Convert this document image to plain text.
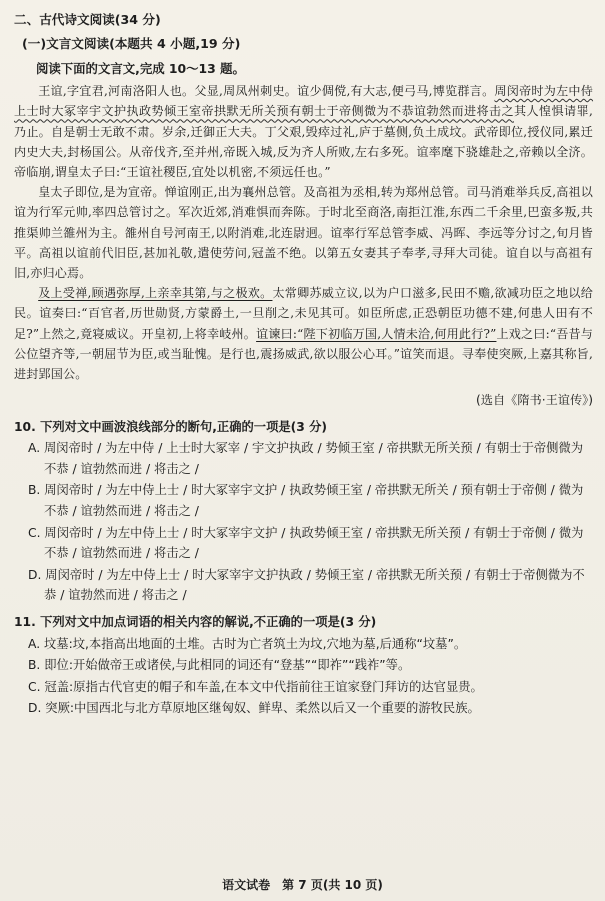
二、古代诗文阅读(34 分)

(一)文言文阅读(本题共 4 小题,19 分)

阅读下面的文言文,完成 10～13 题。

王谊,字宜君,河南洛阳人也。父显,周凤州刺史。谊少倜傥,有大志,便弓马,博览群言。周闵帝时为左中侍上士时大冢宰宇文护执政势倾王室帝拱默无所关预有朝士于帝侧微为不恭谊勃然而进将击之其人惶惧请罪,乃止。自是朝士无敢不肃。岁余,迁御正大夫。丁父艰,毁瘁过礼,庐于墓侧,负土成坟。武帝即位,授仪同,累迁内史大夫,封杨国公。从帝伐齐,至并州,帝既入城,反为齐人所败,左右多死。谊率麾下骁雄赴之,帝赖以全济。帝临崩,谓皇太子曰:“王谊社稷臣,宜处以机密,不须远任也。”

皇太子即位,是为宣帝。惮谊刚正,出为襄州总管。及高祖为丞相,转为郑州总管。司马消难举兵反,高祖以谊为行军元帅,率四总管讨之。军次近郊,消难惧而奔陈。于时北至商洛,南拒江淮,东西二千余里,巴蛮多叛,共推渠帅兰雒州为主。雒州自号河南王,以附消难,北连尉迥。谊率行军总管李威、冯晖、李远等分讨之,旬月皆平。高祖以谊前代旧臣,甚加礼敬,遣使劳问,冠盖不绝。以第五女妻其子奉孝,寻拜大司徒。谊自以与高祖有旧,亦归心焉。

及上受禅,顾遇弥厚,上亲幸其第,与之极欢。太常卿苏威立议,以为户口滋多,民田不赡,欲减功臣之地以给民。谊奏曰:“百官者,历世勋贤,方蒙爵土,一旦削之,未见其可。如臣所虑,正恐朝臣功德不建,何患人田有不足?”上然之,竟寝威议。开皇初,上将幸岐州。谊谏曰:“陛下初临万国,人情未洽,何用此行?”上戏之曰:“吾昔与公位望齐等,一朝屈节为臣,或当耻愧。是行也,震扬威武,欲以服公心耳。”谊笑而退。寻奉使突厥,上嘉其称旨,进封郢国公。

(选自《隋书·王谊传》)

10. 下列对文中画波浪线部分的断句,正确的一项是(3 分)
A. 周闵帝时 / 为左中侍 / 上士时大冢宰 / 宇文护执政 / 势倾王室 / 帝拱默无所关预 / 有朝士于帝侧微为不恭 / 谊勃然而进 / 将击之 /
B. 周闵帝时 / 为左中侍上士 / 时大冢宰宇文护 / 执政势倾王室 / 帝拱默无所关 / 预有朝士于帝侧 / 微为不恭 / 谊勃然而进 / 将击之 /
C. 周闵帝时 / 为左中侍上士 / 时大冢宰宇文护 / 执政势倾王室 / 帝拱默无所关预 / 有朝士于帝侧 / 微为不恭 / 谊勃然而进 / 将击之 /
D. 周闵帝时 / 为左中侍上士 / 时大冢宰宇文护执政 / 势倾王室 / 帝拱默无所关预 / 有朝士于帝侧微为不恭 / 谊勃然而进 / 将击之 /
11. 下列对文中加点词语的相关内容的解说,不正确的一项是(3 分)
A. 坟墓:坟,本指高出地面的土堆。古时为亡者筑土为坟,穴地为墓,后通称“坟墓”。
B. 即位:开始做帝王或诸侯,与此相同的词还有“登基”“即祚”“践祚”等。
C. 冠盖:原指古代官吏的帽子和车盖,在本文中代指前往王谊家登门拜访的达官显贵。
D. 突厥:中国西北与北方草原地区继匈奴、鲜卑、柔然以后又一个重要的游牧民族。
语文试卷　第 7 页(共 10 页)
